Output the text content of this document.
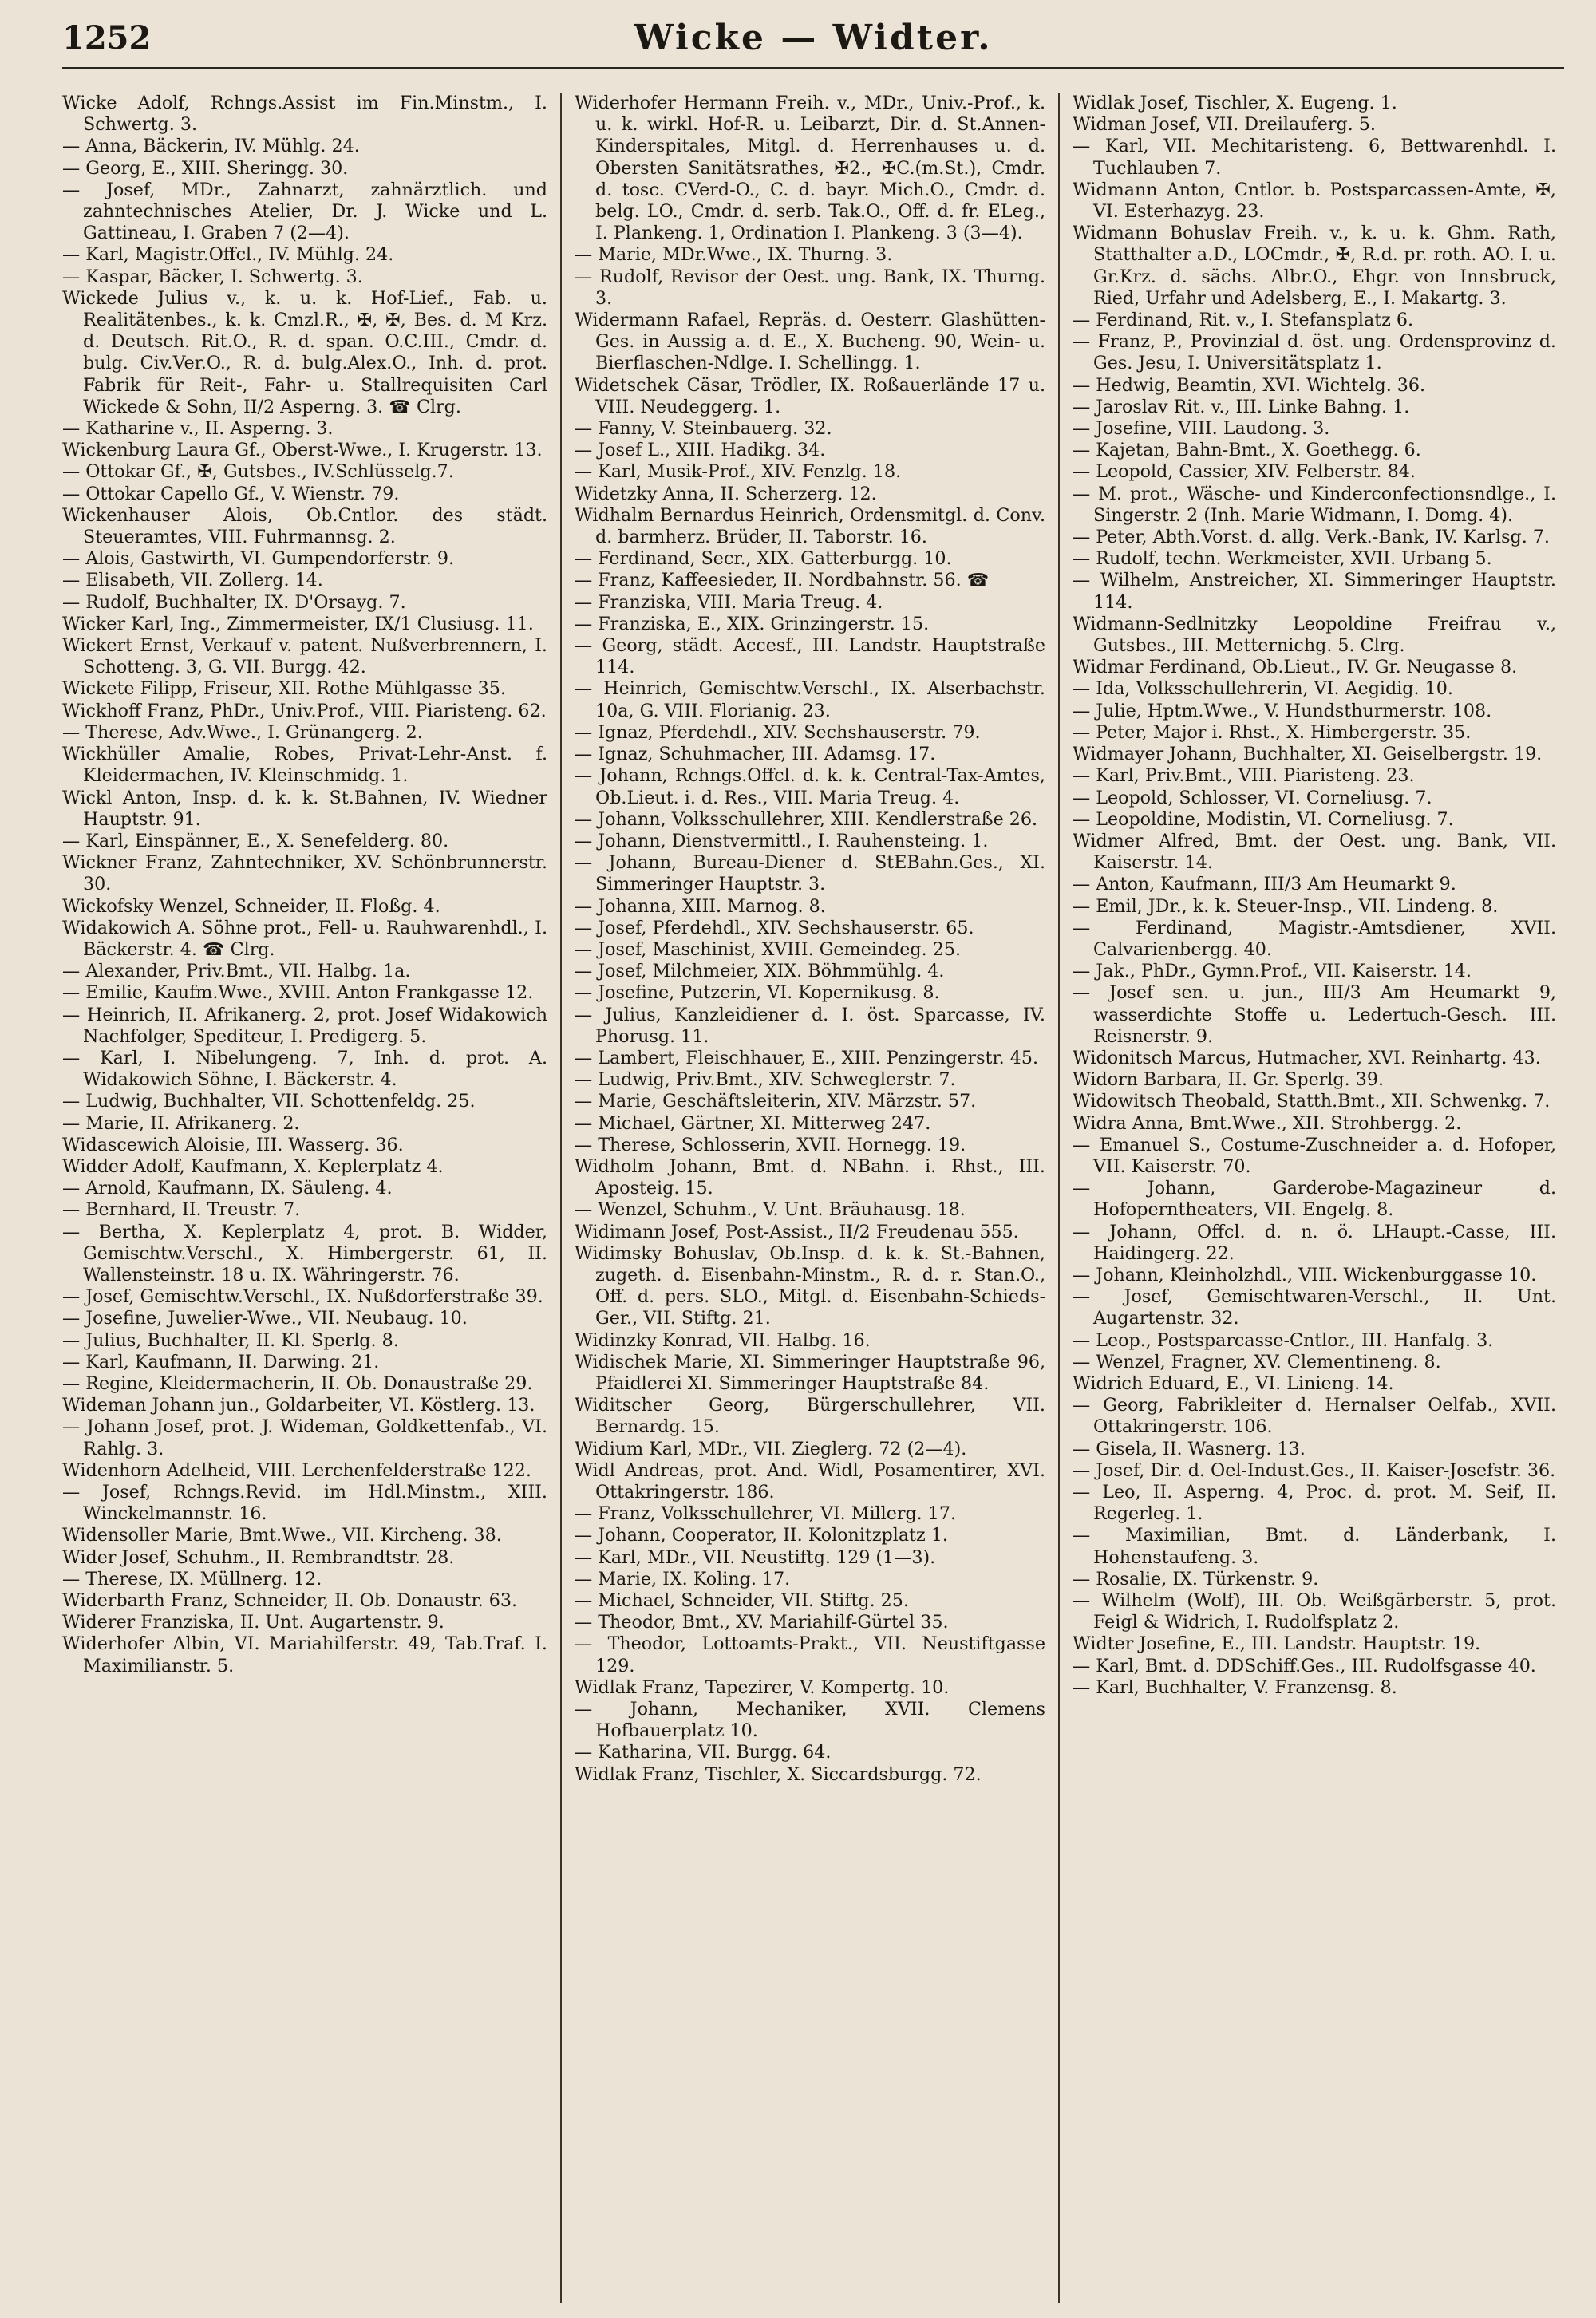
1252	Wicke — Widter.

Wicke Adolf, Rchngs.Assist im Fin.Minstm., I. Schwertg. 3.

— Anna, Bäckerin, IV. Mühlg. 24.

— Georg, E., XIII. Sheringg. 30.

— Josef, MDr., Zahnarzt, zahnärztlich. und zahntechnisches Atelier, Dr. J. Wicke und L. Gattineau, I. Graben 7 (2—4).

— Karl, Magistr.Offcl., IV. Mühlg. 24.

— Kaspar, Bäcker, I. Schwertg. 3.

Wickede Julius v., k. u. k. Hof-Lief., Fab. u. Realitätenbes., k. k. Cmzl.R., ✠, ✠, Bes. d. M Krz. d. Deutsch. Rit.O., R. d. span. O.C.III., Cmdr. d. bulg. Civ.Ver.O., R. d. bulg.Alex.O., Inh. d. prot. Fabrik für Reit-, Fahr- u. Stallrequisiten Carl Wickede & Sohn, II/2 Asperng. 3. ☎ Clrg.

— Katharine v., II. Asperng. 3.

Wickenburg Laura Gf., Oberst-Wwe., I. Krugerstr. 13.

— Ottokar Gf., ✠, Gutsbes., IV.Schlüsselg.7.

— Ottokar Capello Gf., V. Wienstr. 79.

Wickenhauser Alois, Ob.Cntlor. des städt. Steueramtes, VIII. Fuhrmannsg. 2.

— Alois, Gastwirth, VI. Gumpendorferstr. 9.

— Elisabeth, VII. Zollerg. 14.

— Rudolf, Buchhalter, IX. D'Orsayg. 7.

Wicker Karl, Ing., Zimmermeister, IX/1 Clusiusg. 11.

Wickert Ernst, Verkauf v. patent. Nußverbrennern, I. Schotteng. 3, G. VII. Burgg. 42.

Wickete Filipp, Friseur, XII. Rothe Mühlgasse 35.

Wickhoff Franz, PhDr., Univ.Prof., VIII. Piaristeng. 62.

— Therese, Adv.Wwe., I. Grünangerg. 2.

Wickhüller Amalie, Robes, Privat-Lehr-Anst. f. Kleidermachen, IV. Kleinschmidg. 1.

Wickl Anton, Insp. d. k. k. St.Bahnen, IV. Wiedner Hauptstr. 91.

— Karl, Einspänner, E., X. Senefelderg. 80.

Wickner Franz, Zahntechniker, XV. Schönbrunnerstr. 30.

Wickofsky Wenzel, Schneider, II. Floßg. 4.

Widakowich A. Söhne prot., Fell- u. Rauhwarenhdl., I. Bäckerstr. 4. ☎ Clrg.

— Alexander, Priv.Bmt., VII. Halbg. 1a.

— Emilie, Kaufm.Wwe., XVIII. Anton Frankgasse 12.

— Heinrich, II. Afrikanerg. 2, prot. Josef Widakowich Nachfolger, Spediteur, I. Predigerg. 5.

— Karl, I. Nibelungeng. 7, Inh. d. prot. A. Widakowich Söhne, I. Bäckerstr. 4.

— Ludwig, Buchhalter, VII. Schottenfeldg. 25.

— Marie, II. Afrikanerg. 2.

Widascewich Aloisie, III. Wasserg. 36.

Widder Adolf, Kaufmann, X. Keplerplatz 4.

— Arnold, Kaufmann, IX. Säuleng. 4.

— Bernhard, II. Treustr. 7.

— Bertha, X. Keplerplatz 4, prot. B. Widder, Gemischtw.Verschl., X. Himbergerstr. 61, II. Wallensteinstr. 18 u. IX. Währingerstr. 76.

— Josef, Gemischtw.Verschl., IX. Nußdorferstraße 39.

— Josefine, Juwelier-Wwe., VII. Neubaug. 10.

— Julius, Buchhalter, II. Kl. Sperlg. 8.

— Karl, Kaufmann, II. Darwing. 21.

— Regine, Kleidermacherin, II. Ob. Donaustraße 29.

Wideman Johann jun., Goldarbeiter, VI. Köstlerg. 13.

— Johann Josef, prot. J. Wideman, Goldkettenfab., VI. Rahlg. 3.

Widenhorn Adelheid, VIII. Lerchenfelderstraße 122.

— Josef, Rchngs.Revid. im Hdl.Minstm., XIII. Winckelmannstr. 16.

Widensoller Marie, Bmt.Wwe., VII. Kircheng. 38.

Wider Josef, Schuhm., II. Rembrandtstr. 28.

— Therese, IX. Müllnerg. 12.

Widerbarth Franz, Schneider, II. Ob. Donaustr. 63.

Widerer Franziska, II. Unt. Augartenstr. 9.

Widerhofer Albin, VI. Mariahilferstr. 49, Tab.Traf. I. Maximilianstr. 5.

Widerhofer Hermann Freih. v., MDr., Univ.-Prof., k. u. k. wirkl. Hof-R. u. Leibarzt, Dir. d. St.Annen-Kinderspitales, Mitgl. d. Herrenhauses u. d. Obersten Sanitätsrathes, ✠2., ✠C.(m.St.), Cmdr. d. tosc. CVerd-O., C. d. bayr. Mich.O., Cmdr. d. belg. LO., Cmdr. d. serb. Tak.O., Off. d. fr. ELeg., I. Plankeng. 1, Ordination I. Plankeng. 3 (3—4).

— Marie, MDr.Wwe., IX. Thurng. 3.

— Rudolf, Revisor der Oest. ung. Bank, IX. Thurng. 3.

Widermann Rafael, Repräs. d. Oesterr. Glashütten-Ges. in Aussig a. d. E., X. Bucheng. 90, Wein- u. Bierflaschen-Ndlge. I. Schellingg. 1.

Widetschek Cäsar, Trödler, IX. Roßauerlände 17 u. VIII. Neudeggerg. 1.

— Fanny, V. Steinbauerg. 32.

— Josef L., XIII. Hadikg. 34.

— Karl, Musik-Prof., XIV. Fenzlg. 18.

Widetzky Anna, II. Scherzerg. 12.

Widhalm Bernardus Heinrich, Ordensmitgl. d. Conv. d. barmherz. Brüder, II. Taborstr. 16.

— Ferdinand, Secr., XIX. Gatterburgg. 10.

— Franz, Kaffeesieder, II. Nordbahnstr. 56. ☎

— Franziska, VIII. Maria Treug. 4.

— Franziska, E., XIX. Grinzingerstr. 15.

— Georg, städt. Accesf., III. Landstr. Hauptstraße 114.

— Heinrich, Gemischtw.Verschl., IX. Alserbachstr. 10a, G. VIII. Florianig. 23.

— Ignaz, Pferdehdl., XIV. Sechshauserstr. 79.

— Ignaz, Schuhmacher, III. Adamsg. 17.

— Johann, Rchngs.Offcl. d. k. k. Central-Tax-Amtes, Ob.Lieut. i. d. Res., VIII. Maria Treug. 4.

— Johann, Volksschullehrer, XIII. Kendlerstraße 26.

— Johann, Dienstvermittl., I. Rauhensteing. 1.

— Johann, Bureau-Diener d. StEBahn.Ges., XI. Simmeringer Hauptstr. 3.

— Johanna, XIII. Marnog. 8.

— Josef, Pferdehdl., XIV. Sechshauserstr. 65.

— Josef, Maschinist, XVIII. Gemeindeg. 25.

— Josef, Milchmeier, XIX. Böhmmühlg. 4.

— Josefine, Putzerin, VI. Kopernikusg. 8.

— Julius, Kanzleidiener d. I. öst. Sparcasse, IV. Phorusg. 11.

— Lambert, Fleischhauer, E., XIII. Penzingerstr. 45.

— Ludwig, Priv.Bmt., XIV. Schweglerstr. 7.

— Marie, Geschäftsleiterin, XIV. Märzstr. 57.

— Michael, Gärtner, XI. Mitterweg 247.

— Therese, Schlosserin, XVII. Hornegg. 19.

Widholm Johann, Bmt. d. NBahn. i. Rhst., III. Aposteig. 15.

— Wenzel, Schuhm., V. Unt. Bräuhausg. 18.

Widimann Josef, Post-Assist., II/2 Freudenau 555.

Widimsky Bohuslav, Ob.Insp. d. k. k. St.-Bahnen, zugeth. d. Eisenbahn-Minstm., R. d. r. Stan.O., Off. d. pers. SLO., Mitgl. d. Eisenbahn-Schieds-Ger., VII. Stiftg. 21.

Widinzky Konrad, VII. Halbg. 16.

Widischek Marie, XI. Simmeringer Hauptstraße 96, Pfaidlerei XI. Simmeringer Hauptstraße 84.

Widitscher Georg, Bürgerschullehrer, VII. Bernardg. 15.

Widium Karl, MDr., VII. Zieglerg. 72 (2—4).

Widl Andreas, prot. And. Widl, Posamentirer, XVI. Ottakringerstr. 186.

— Franz, Volksschullehrer, VI. Millerg. 17.

— Johann, Cooperator, II. Kolonitzplatz 1.

— Karl, MDr., VII. Neustiftg. 129 (1—3).

— Marie, IX. Koling. 17.

— Michael, Schneider, VII. Stiftg. 25.

— Theodor, Bmt., XV. Mariahilf-Gürtel 35.

— Theodor, Lottoamts-Prakt., VII. Neustiftgasse 129.

Widlak Franz, Tapezirer, V. Kompertg. 10.

— Johann, Mechaniker, XVII. Clemens Hofbauerplatz 10.

— Katharina, VII. Burgg. 64.

Widlak Franz, Tischler, X. Siccardsburgg. 72.

Widlak Josef, Tischler, X. Eugeng. 1.

Widman Josef, VII. Dreilauferg. 5.

— Karl, VII. Mechitaristeng. 6, Bettwarenhdl. I. Tuchlauben 7.

Widmann Anton, Cntlor. b. Postsparcassen-Amte, ✠, VI. Esterhazyg. 23.

Widmann Bohuslav Freih. v., k. u. k. Ghm. Rath, Statthalter a.D., LOCmdr., ✠, R.d. pr. roth. AO. I. u. Gr.Krz. d. sächs. Albr.O., Ehgr. von Innsbruck, Ried, Urfahr und Adelsberg, E., I. Makartg. 3.

— Ferdinand, Rit. v., I. Stefansplatz 6.

— Franz, P., Provinzial d. öst. ung. Ordensprovinz d. Ges. Jesu, I. Universitätsplatz 1.

— Hedwig, Beamtin, XVI. Wichtelg. 36.

— Jaroslav Rit. v., III. Linke Bahng. 1.

— Josefine, VIII. Laudong. 3.

— Kajetan, Bahn-Bmt., X. Goethegg. 6.

— Leopold, Cassier, XIV. Felberstr. 84.

— M. prot., Wäsche- und Kinderconfectionsndlge., I. Singerstr. 2 (Inh. Marie Widmann, I. Domg. 4).

— Peter, Abth.Vorst. d. allg. Verk.-Bank, IV. Karlsg. 7.

— Rudolf, techn. Werkmeister, XVII. Urbang 5.

— Wilhelm, Anstreicher, XI. Simmeringer Hauptstr. 114.

Widmann-Sedlnitzky Leopoldine Freifrau v., Gutsbes., III. Metternichg. 5. Clrg.

Widmar Ferdinand, Ob.Lieut., IV. Gr. Neugasse 8.

— Ida, Volksschullehrerin, VI. Aegidig. 10.

— Julie, Hptm.Wwe., V. Hundsthurmerstr. 108.

— Peter, Major i. Rhst., X. Himbergerstr. 35.

Widmayer Johann, Buchhalter, XI. Geiselbergstr. 19.

— Karl, Priv.Bmt., VIII. Piaristeng. 23.

— Leopold, Schlosser, VI. Corneliusg. 7.

— Leopoldine, Modistin, VI. Corneliusg. 7.

Widmer Alfred, Bmt. der Oest. ung. Bank, VII. Kaiserstr. 14.

— Anton, Kaufmann, III/3 Am Heumarkt 9.

— Emil, JDr., k. k. Steuer-Insp., VII. Lindeng. 8.

— Ferdinand, Magistr.-Amtsdiener, XVII. Calvarienbergg. 40.

— Jak., PhDr., Gymn.Prof., VII. Kaiserstr. 14.

— Josef sen. u. jun., III/3 Am Heumarkt 9, wasserdichte Stoffe u. Ledertuch-Gesch. III. Reisnerstr. 9.

Widonitsch Marcus, Hutmacher, XVI. Reinhartg. 43.

Widorn Barbara, II. Gr. Sperlg. 39.

Widowitsch Theobald, Statth.Bmt., XII. Schwenkg. 7.

Widra Anna, Bmt.Wwe., XII. Strohbergg. 2.

— Emanuel S., Costume-Zuschneider a. d. Hofoper, VII. Kaiserstr. 70.

— Johann, Garderobe-Magazineur d. Hofoperntheaters, VII. Engelg. 8.

— Johann, Offcl. d. n. ö. LHaupt.-Casse, III. Haidingerg. 22.

— Johann, Kleinholzhdl., VIII. Wickenburggasse 10.

— Josef, Gemischtwaren-Verschl., II. Unt. Augartenstr. 32.

— Leop., Postsparcasse-Cntlor., III. Hanfalg. 3.

— Wenzel, Fragner, XV. Clementineng. 8.

Widrich Eduard, E., VI. Linieng. 14.

— Georg, Fabrikleiter d. Hernalser Oelfab., XVII. Ottakringerstr. 106.

— Gisela, II. Wasnerg. 13.

— Josef, Dir. d. Oel-Indust.Ges., II. Kaiser-Josefstr. 36.

— Leo, II. Asperng. 4, Proc. d. prot. M. Seif, II. Regerleg. 1.

— Maximilian, Bmt. d. Länderbank, I. Hohenstaufeng. 3.

— Rosalie, IX. Türkenstr. 9.

— Wilhelm (Wolf), III. Ob. Weißgärberstr. 5, prot. Feigl & Widrich, I. Rudolfsplatz 2.

Widter Josefine, E., III. Landstr. Hauptstr. 19.

— Karl, Bmt. d. DDSchiff.Ges., III. Rudolfsgasse 40.

— Karl, Buchhalter, V. Franzensg. 8.
